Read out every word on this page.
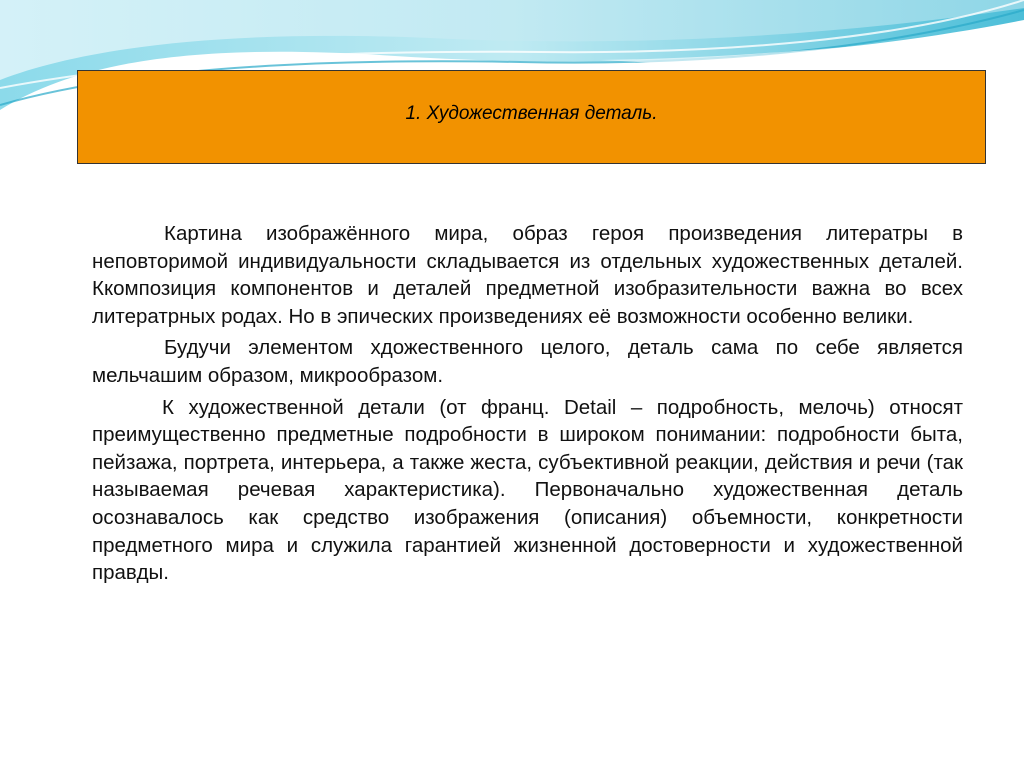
1. Художественная деталь.

Картина изображённого мира, образ героя произведения литератры в неповторимой индивидуальности складывается из отдельных художественных деталей. Ккомпозиция компонентов и деталей предметной изобразительности важна во всех литератрных родах. Но в эпических произведениях её возможности особенно велики.

Будучи элементом хдожественного целого, деталь сама по себе является мельчашим образом, микрообразом.

К художественной детали (от франц. Detail – подробность, мелочь) относят преимущественно предметные подробности в широком понимании: подробности быта, пейзажа, портрета, интерьера, а также жеста, субъективной реакции, действия и речи (так называемая речевая характеристика). Первоначально художественная деталь осознавалось как средство изображения (описания) объемности, конкретности предметного мира и служила гарантией жизненной достоверности и художественной правды.
